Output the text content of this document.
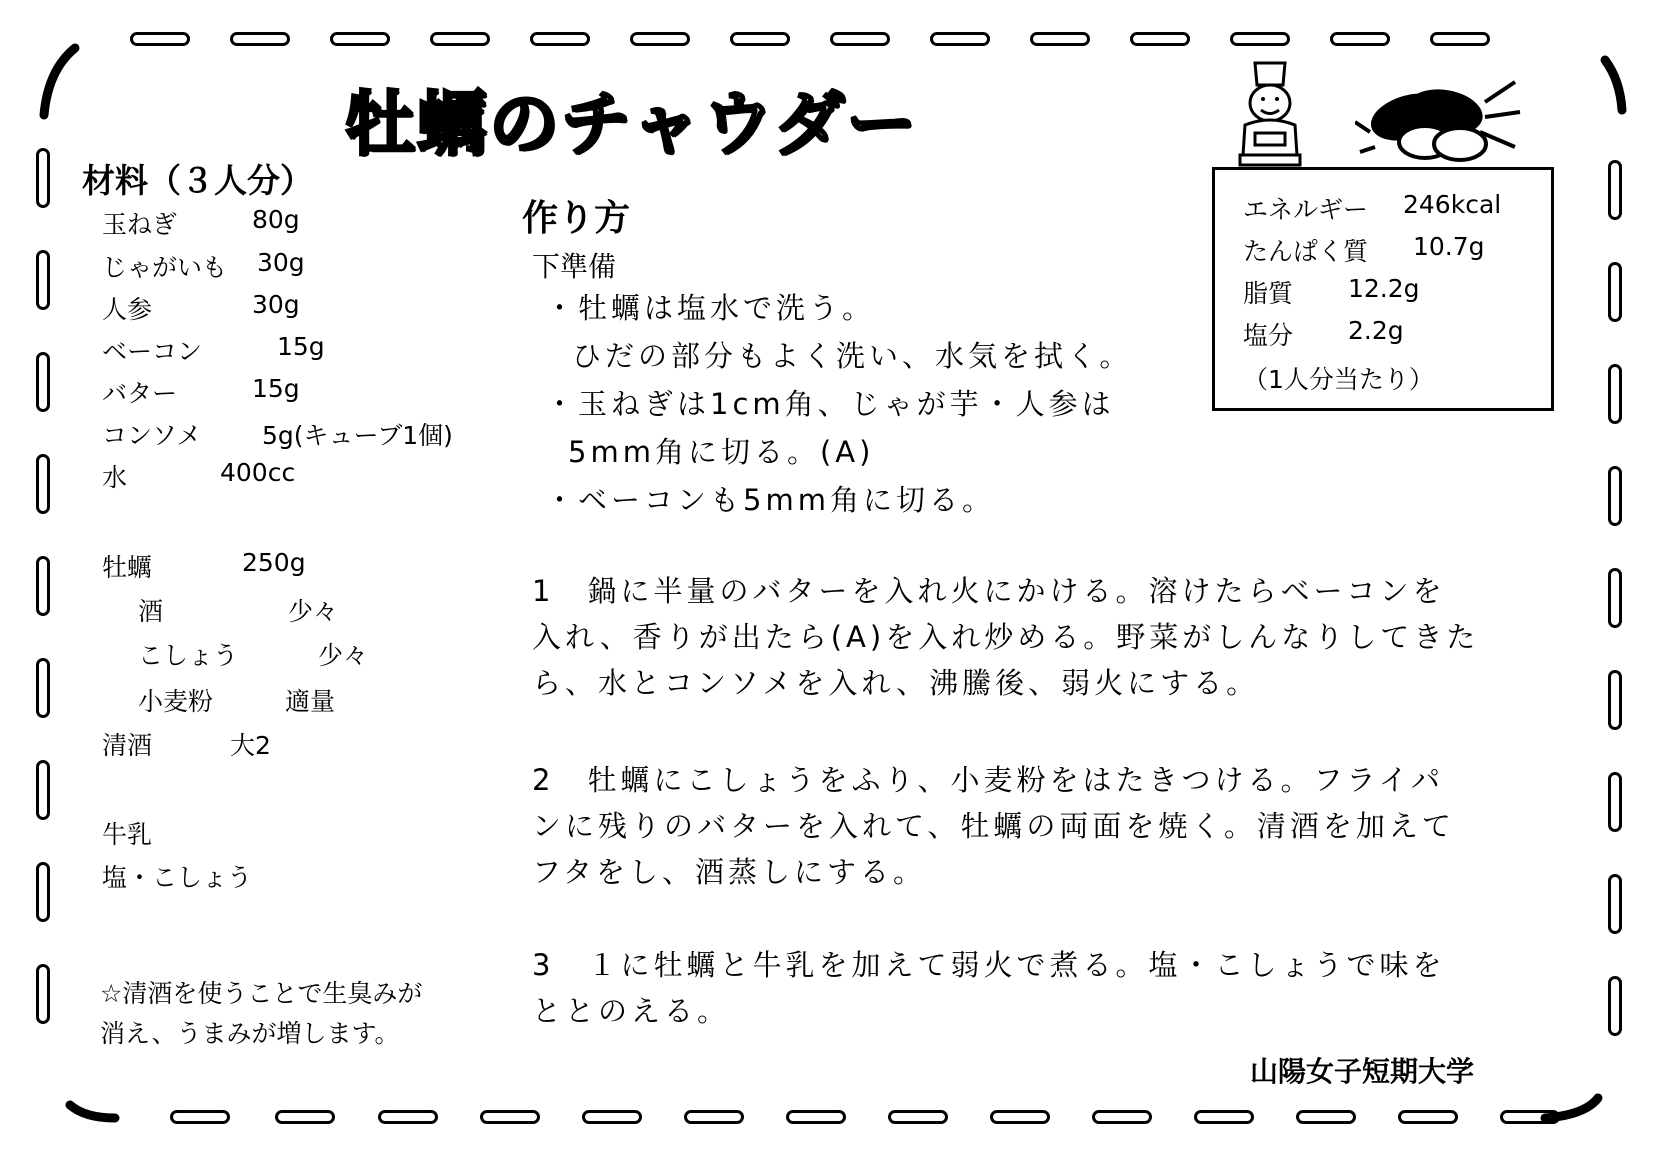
牡蠣のチャウダー
材料（３人分）
玉ねぎ	80g
じゃがいも 30g
人参	30g
ベーコン	15g
バター	15g
コンソメ 5g(キューブ1個)
水	400cc
牡蠣	250g
酒	少々
こしょう	少々
小麦粉	適量
清酒	大2
牛乳
塩・こしょう
作り方
下準備
・牡蠣は塩水で洗う。
ひだの部分もよく洗い、水気を拭く。
・玉ねぎは1cm角、じゃが芋・人参は
5mm角に切る。(A)
・ベーコンも5mm角に切る。
1　鍋に半量のバターを入れ火にかける。溶けたらベーコンを
入れ、香りが出たら(A)を入れ炒める。野菜がしんなりしてきた
ら、水とコンソメを入れ、沸騰後、弱火にする。
2　牡蠣にこしょうをふり、小麦粉をはたきつける。フライパ
ンに残りのバターを入れて、牡蠣の両面を焼く。清酒を加えて
フタをし、酒蒸しにする。
3　１に牡蠣と牛乳を加えて弱火で煮る。塩・こしょうで味を
ととのえる。
エネルギー 246kcal
たんぱく質 10.7g
脂質 12.2g
塩分 2.2g
（1人分当たり）
☆清酒を使うことで生臭みが
消え、うまみが増します。
山陽女子短期大学
